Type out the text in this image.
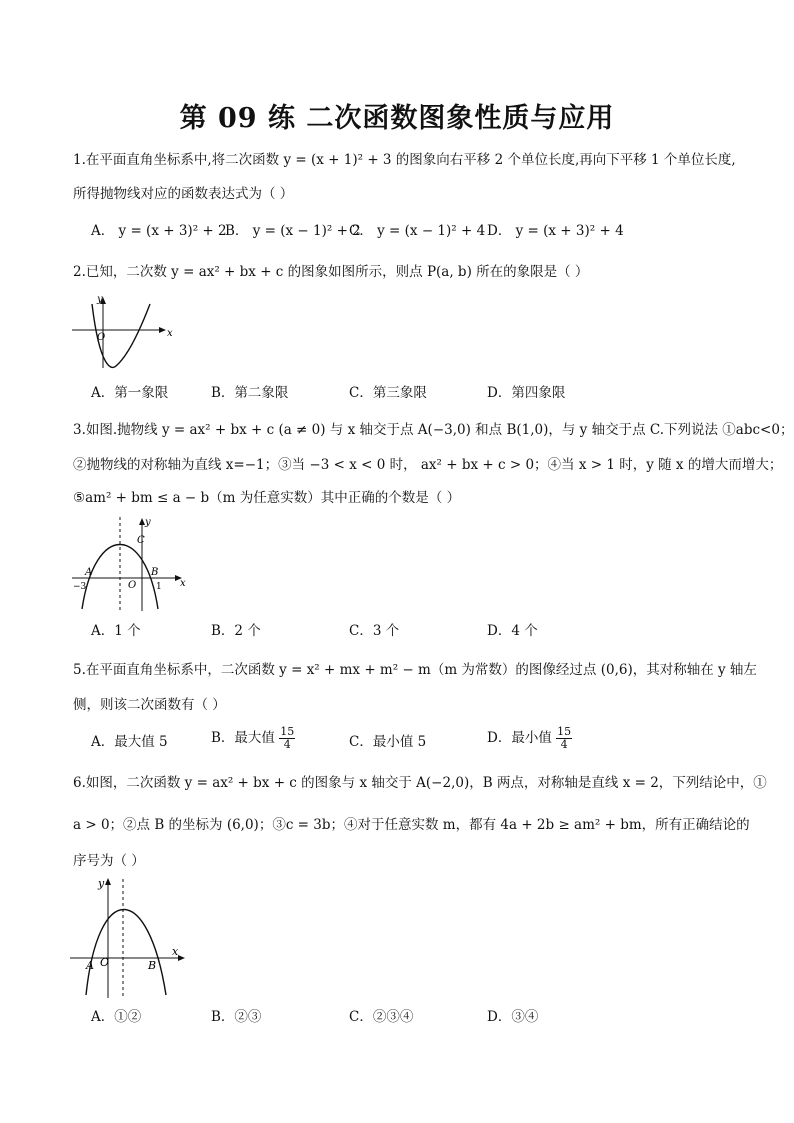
第 09 练 二次函数图象性质与应用
1.在平面直角坐标系中,将二次函数 y = (x + 1)² + 3 的图象向右平移 2 个单位长度,再向下平移 1 个单位长度,
所得抛物线对应的函数表达式为（ ）
A． y = (x + 3)² + 2
B． y = (x − 1)² + 2
C． y = (x − 1)² + 4 D． y = (x + 3)² + 4
2.已知，二次数 y = ax² + bx + c 的图象如图所示，则点 P(a, b) 所在的象限是（ ）
y
x
O
A．第一象限	B．第二象限	C．第三象限	D．第四象限
3.如图.抛物线 y = ax² + bx + c (a ≠ 0) 与 x 轴交于点 A(−3,0) 和点 B(1,0)，与 y 轴交于点 C.下列说法 ①abc<0；
②抛物线的对称轴为直线 x=−1；③当 −3 < x < 0 时， ax² + bx + c > 0；④当 x > 1 时，y 随 x 的增大而增大；
⑤am² + bm ≤ a − b（m 为任意实数）其中正确的个数是（ ）
y
x
C
A	B
O
−3	1
A．1 个	B．2 个	C．3 个	D．4 个
5.在平面直角坐标系中，二次函数 y = x² + mx + m² − m（m 为常数）的图像经过点 (0,6)，其对称轴在 y 轴左
侧，则该二次函数有（ ）
A．最大值 5	B．最大值 $\frac{15}{4}$	C．最小值 5	D．最小值 $\frac{15}{4}$
6.如图，二次函数 y = ax² + bx + c 的图象与 x 轴交于 A(−2,0)，B 两点，对称轴是直线 x = 2，下列结论中，①
a > 0；②点 B 的坐标为 (6,0)；③c = 3b；④对于任意实数 m，都有 4a + 2b ≥ am² + bm，所有正确结论的
序号为（ ）
y
x
A O	B
A．①②	B．②③	C．②③④	D．③④
